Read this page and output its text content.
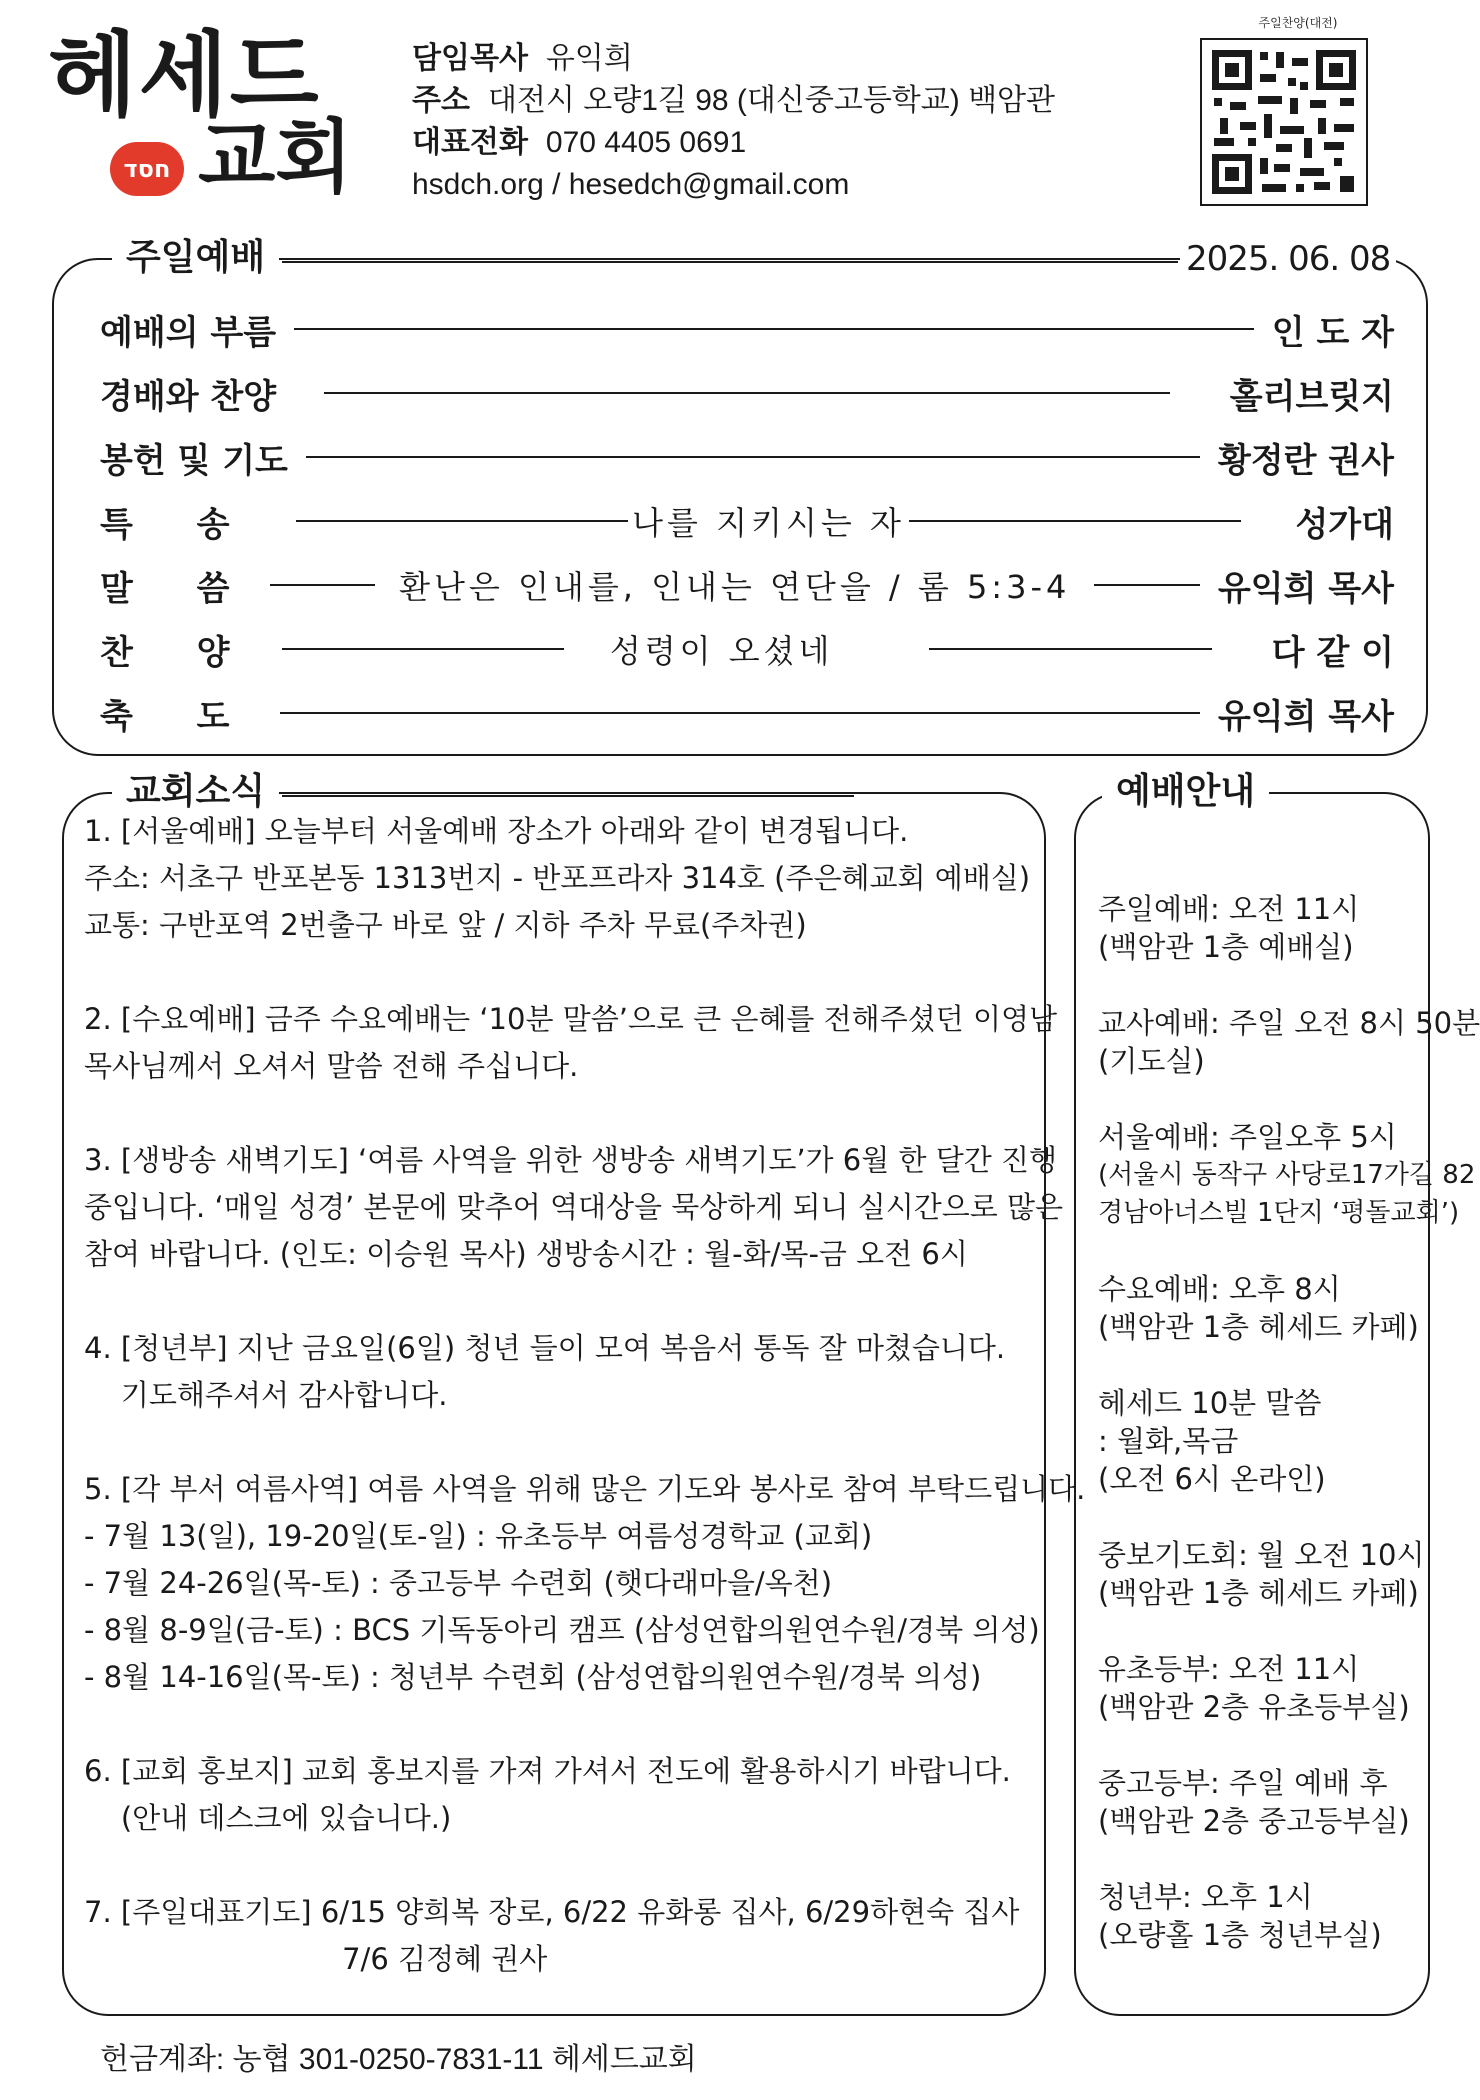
헤세드
חסד 교회
담임목사 유익희
주소 대전시 오량1길 98 (대신중고등학교) 백암관
대표전화 070 4405 0691
hsdch.org / hesedch@gmail.com
주일찬양(대전)
주일예배	2025. 06. 08
예배의 부름	인 도 자
경배와 찬양	홀리브릿지
봉헌 및 기도	황정란 권사
특 송	나를 지키시는 자	성가대
말 씀	환난은 인내를, 인내는 연단을 / 롬 5:3-4	유익희 목사
찬 양	성령이 오셨네	다 같 이
축 도	유익희 목사
교회소식
1. [서울예배] 오늘부터 서울예배 장소가 아래와 같이 변경됩니다.
주소: 서초구 반포본동 1313번지 - 반포프라자 314호 (주은혜교회 예배실)
교통: 구반포역 2번출구 바로 앞 / 지하 주차 무료(주차권)
2. [수요예배] 금주 수요예배는 ‘10분 말씀’으로 큰 은혜를 전해주셨던 이영남
목사님께서 오셔서 말씀 전해 주십니다.
3. [생방송 새벽기도] ‘여름 사역을 위한 생방송 새벽기도’가 6월 한 달간 진행
중입니다. ‘매일 성경’ 본문에 맞추어 역대상을 묵상하게 되니 실시간으로 많은
참여 바랍니다. (인도: 이승원 목사) 생방송시간 : 월-화/목-금 오전 6시
4. [청년부] 지난 금요일(6일) 청년 들이 모여 복음서 통독 잘 마쳤습니다.
기도해주셔서 감사합니다.
5. [각 부서 여름사역] 여름 사역을 위해 많은 기도와 봉사로 참여 부탁드립니다.
- 7월 13(일), 19-20일(토-일) : 유초등부 여름성경학교 (교회)
- 7월 24-26일(목-토) : 중고등부 수련회 (햇다래마을/옥천)
- 8월 8-9일(금-토) : BCS 기독동아리 캠프 (삼성연합의원연수원/경북 의성)
- 8월 14-16일(목-토) : 청년부 수련회 (삼성연합의원연수원/경북 의성)
6. [교회 홍보지] 교회 홍보지를 가져 가셔서 전도에 활용하시기 바랍니다.
(안내 데스크에 있습니다.)
7. [주일대표기도] 6/15 양희복 장로, 6/22 유화롱 집사, 6/29하현숙 집사
7/6 김정혜 권사
예배안내
주일예배: 오전 11시
(백암관 1층 예배실)
교사예배: 주일 오전 8시 50분
(기도실)
서울예배: 주일오후 5시
(서울시 동작구 사당로17가길 82
경남아너스빌 1단지 ‘평돌교회’)
수요예배: 오후 8시
(백암관 1층 헤세드 카페)
헤세드 10분 말씀
: 월화,목금
(오전 6시 온라인)
중보기도회: 월 오전 10시
(백암관 1층 헤세드 카페)
유초등부: 오전 11시
(백암관 2층 유초등부실)
중고등부: 주일 예배 후
(백암관 2층 중고등부실)
청년부: 오후 1시
(오량홀 1층 청년부실)
헌금계좌: 농협 301-0250-7831-11 헤세드교회
